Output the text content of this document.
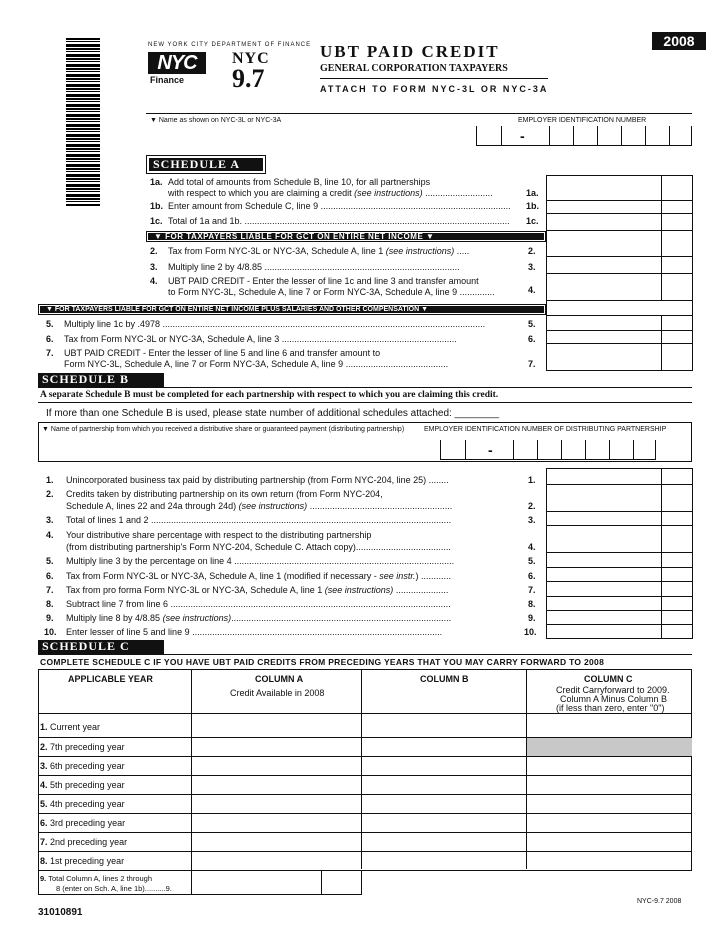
2008
NEW YORK CITY DEPARTMENT OF FINANCE
NYC
Finance
NYC
9.7
UBT PAID CREDIT
GENERAL CORPORATION TAXPAYERS
ATTACH TO FORM NYC-3L OR NYC-3A
▼ Name as shown on NYC-3L or NYC-3A	EMPLOYER IDENTIFICATION NUMBER
-
SCHEDULE A
1a. Add total of amounts from Schedule B, line 10, for all partnerships
with respect to which you are claiming a credit (see instructions) ...........................	1a.
1b. Enter amount from Schedule C, line 9 ............................................................................	1b.
1c. Total of 1a and 1b. ..........................................................................................................	1c.
▼ FOR TAXPAYERS LIABLE FOR GCT ON ENTIRE NET INCOME ▼
2. Tax from Form NYC-3L or NYC-3A, Schedule A, line 1 (see instructions) .....	2.
3. Multiply line 2 by 4/8.85 ..............................................................................	3.
4. UBT PAID CREDIT - Enter the lesser of line 1c and line 3 and transfer amount
to Form NYC-3L, Schedule A, line 7 or Form NYC-3A, Schedule A, line 9 ..............	4.
▼ FOR TAXPAYERS LIABLE FOR GCT ON ENTIRE NET INCOME PLUS SALARIES AND OTHER COMPENSATION ▼
5. Multiply line 1c by .4978 .................................................................................................................................	5.
6. Tax from Form NYC-3L or NYC-3A, Schedule A, line 3 ......................................................................	6.
7. UBT PAID CREDIT - Enter the lesser of line 5 and line 6 and transfer amount to
Form NYC-3L, Schedule A, line 7 or Form NYC-3A, Schedule A, line 9 .........................................	7.
SCHEDULE B
A separate Schedule B must be completed for each partnership with respect to which you are claiming this credit.
If more than one Schedule B is used, please state number of additional schedules attached: ________
▼ Name of partnership from which you received a distributive share or guaranteed payment (distributing partnership)	EMPLOYER IDENTIFICATION NUMBER OF DISTRIBUTING PARTNERSHIP
-
1. Unincorporated business tax paid by distributing partnership (from Form NYC-204, line 25) ........	1.
2. Credits taken by distributing partnership on its own return (from Form NYC-204,
Schedule A, lines 22 and 24a through 24d) (see instructions) .........................................................	2.
3. Total of lines 1 and 2 ........................................................................................................................	3.
4. Your distributive share percentage with respect to the distributing partnership
(from distributing partnership's Form NYC-204, Schedule C. Attach copy)......................................	4.
5. Multiply line 3 by the percentage on line 4 ........................................................................................	5.
6. Tax from Form NYC-3L or NYC-3A, Schedule A, line 1 (modified if necessary - see instr.) ............	6.
7. Tax from pro forma Form NYC-3L or NYC-3A, Schedule A, line 1 (see instructions) .....................	7.
8. Subtract line 7 from line 6 ................................................................................................................	8.
9. Multiply line 8 by 4/8.85 (see instructions)........................................................................................	9.
10. Enter lesser of line 5 and line 9 ....................................................................................................	10.
SCHEDULE C
COMPLETE SCHEDULE C IF YOU HAVE UBT PAID CREDITS FROM PRECEDING YEARS THAT YOU MAY CARRY FORWARD TO 2008
APPLICABLE YEAR	COLUMN A
Credit Available in 2008
COLUMN B	COLUMN C
Credit Carryforward to 2009.
Column A Minus Column B
(if less than zero, enter "0")
1. Current year
2. 7th preceding year
3. 6th preceding year
4. 5th preceding year
5. 4th preceding year
6. 3rd preceding year
7. 2nd preceding year
8. 1st preceding year
9. Total Column A, lines 2 through
8 (enter on Sch. A, line 1b)..........9.
31010891
NYC-9.7 2008
